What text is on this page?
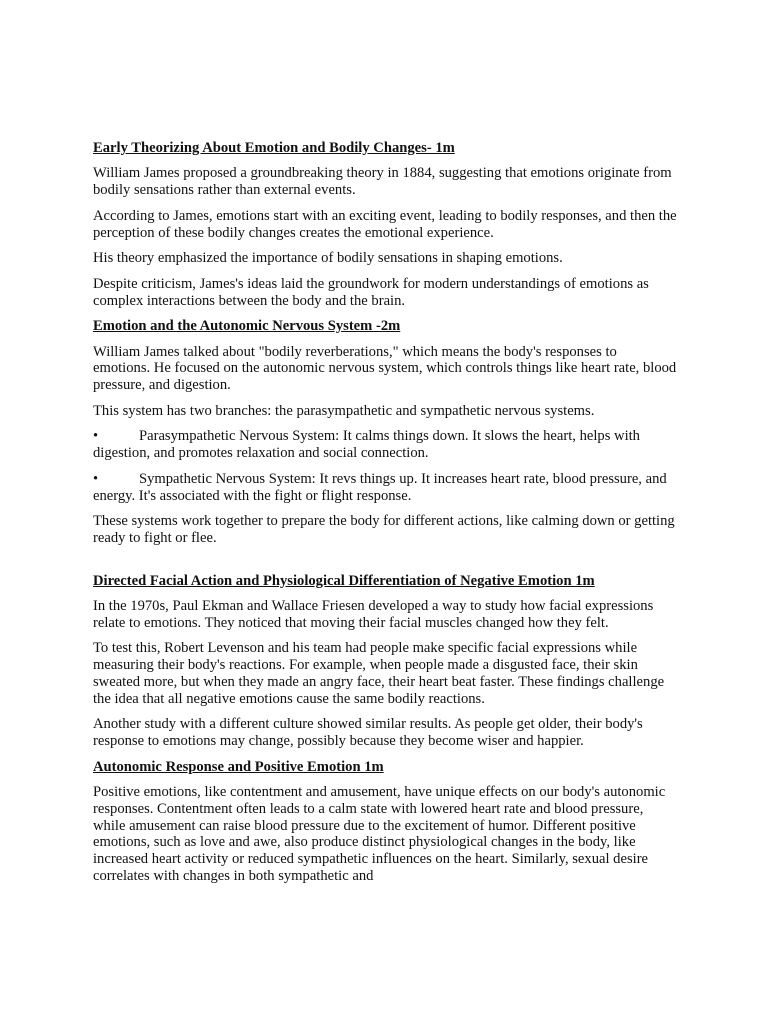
Early Theorizing About Emotion and Bodily Changes- 1m

William James proposed a groundbreaking theory in 1884, suggesting that emotions originate from bodily sensations rather than external events.

According to James, emotions start with an exciting event, leading to bodily responses, and then the perception of these bodily changes creates the emotional experience.

His theory emphasized the importance of bodily sensations in shaping emotions.

Despite criticism, James's ideas laid the groundwork for modern understandings of emotions as complex interactions between the body and the brain.

Emotion and the Autonomic Nervous System -2m

William James talked about "bodily reverberations," which means the body's responses to emotions. He focused on the autonomic nervous system, which controls things like heart rate, blood pressure, and digestion.

This system has two branches: the parasympathetic and sympathetic nervous systems.

•	Parasympathetic Nervous System: It calms things down. It slows the heart, helps with digestion, and promotes relaxation and social connection.

•	Sympathetic Nervous System: It revs things up. It increases heart rate, blood pressure, and energy. It's associated with the fight or flight response.

These systems work together to prepare the body for different actions, like calming down or getting ready to fight or flee.

Directed Facial Action and Physiological Differentiation of Negative Emotion 1m

In the 1970s, Paul Ekman and Wallace Friesen developed a way to study how facial expressions relate to emotions. They noticed that moving their facial muscles changed how they felt.

To test this, Robert Levenson and his team had people make specific facial expressions while measuring their body's reactions. For example, when people made a disgusted face, their skin sweated more, but when they made an angry face, their heart beat faster. These findings challenge the idea that all negative emotions cause the same bodily reactions.

Another study with a different culture showed similar results. As people get older, their body's response to emotions may change, possibly because they become wiser and happier.

Autonomic Response and Positive Emotion 1m

Positive emotions, like contentment and amusement, have unique effects on our body's autonomic responses. Contentment often leads to a calm state with lowered heart rate and blood pressure, while amusement can raise blood pressure due to the excitement of humor. Different positive emotions, such as love and awe, also produce distinct physiological changes in the body, like increased heart activity or reduced sympathetic influences on the heart. Similarly, sexual desire correlates with changes in both sympathetic and
